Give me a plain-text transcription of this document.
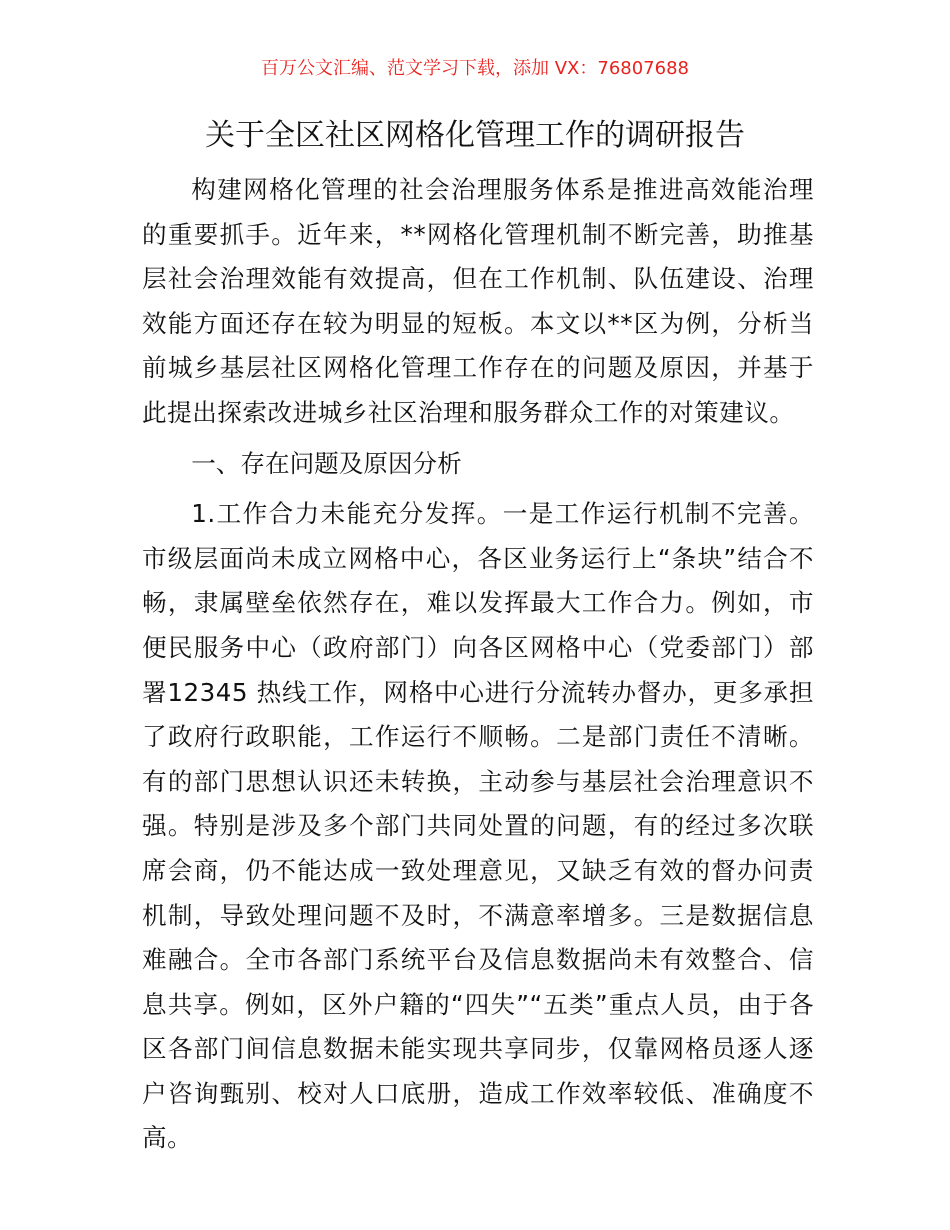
百万公文汇编、范文学习下载，添加 VX：76807688
关于全区社区网格化管理工作的调研报告

构建网格化管理的社会治理服务体系是推进高效能治理的重要抓手。近年来，**网格化管理机制不断完善，助推基层社会治理效能有效提高，但在工作机制、队伍建设、治理效能方面还存在较为明显的短板。本文以**区为例，分析当前城乡基层社区网格化管理工作存在的问题及原因，并基于此提出探索改进城乡社区治理和服务群众工作的对策建议。

一、存在问题及原因分析

1.工作合力未能充分发挥。一是工作运行机制不完善。市级层面尚未成立网格中心，各区业务运行上“条块”结合不畅，隶属壁垒依然存在，难以发挥最大工作合力。例如，市便民服务中心（政府部门）向各区网格中心（党委部门）部署12345 热线工作，网格中心进行分流转办督办，更多承担了政府行政职能，工作运行不顺畅。二是部门责任不清晰。有的部门思想认识还未转换，主动参与基层社会治理意识不强。特别是涉及多个部门共同处置的问题，有的经过多次联席会商，仍不能达成一致处理意见，又缺乏有效的督办问责机制，导致处理问题不及时，不满意率增多。三是数据信息难融合。全市各部门系统平台及信息数据尚未有效整合、信息共享。例如，区外户籍的“四失”“五类”重点人员，由于各区各部门间信息数据未能实现共享同步，仅靠网格员逐人逐户咨询甄别、校对人口底册，造成工作效率较低、准确度不高。
